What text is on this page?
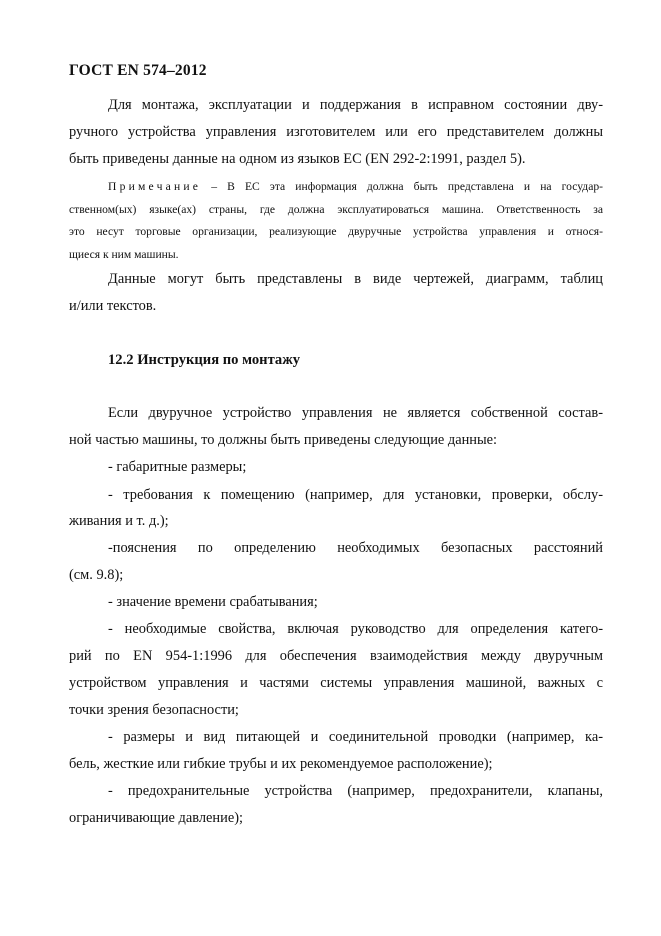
ГОСТ EN 574–2012
Для монтажа, эксплуатации и поддержания в исправном состоянии дву-
ручного устройства управления изготовителем или его представителем должны
быть приведены данные на одном из языков ЕС (EN 292-2:1991, раздел 5).
Примечание – В ЕС эта информация должна быть представлена и на государ-
ственном(ых) языке(ах) страны, где должна эксплуатироваться машина. Ответственность за
это несут торговые организации, реализующие двуручные устройства управления и относя-
щиеся к ним машины.
Данные могут быть представлены в виде чертежей, диаграмм, таблиц
и/или текстов.
12.2 Инструкция по монтажу
Если двуручное устройство управления не является собственной состав-
ной частью машины, то должны быть приведены следующие данные:
- габаритные размеры;
- требования к помещению (например, для установки, проверки, обслу-
живания и т. д.);
-пояснения по определению необходимых безопасных расстояний
(см. 9.8);
- значение времени срабатывания;
- необходимые свойства, включая руководство для определения катего-
рий по EN 954-1:1996 для обеспечения взаимодействия между двуручным
устройством управления и частями системы управления машиной, важных с
точки зрения безопасности;
- размеры и вид питающей и соединительной проводки (например, ка-
бель, жесткие или гибкие трубы и их рекомендуемое расположение);
- предохранительные устройства (например, предохранители, клапаны,
ограничивающие давление);
